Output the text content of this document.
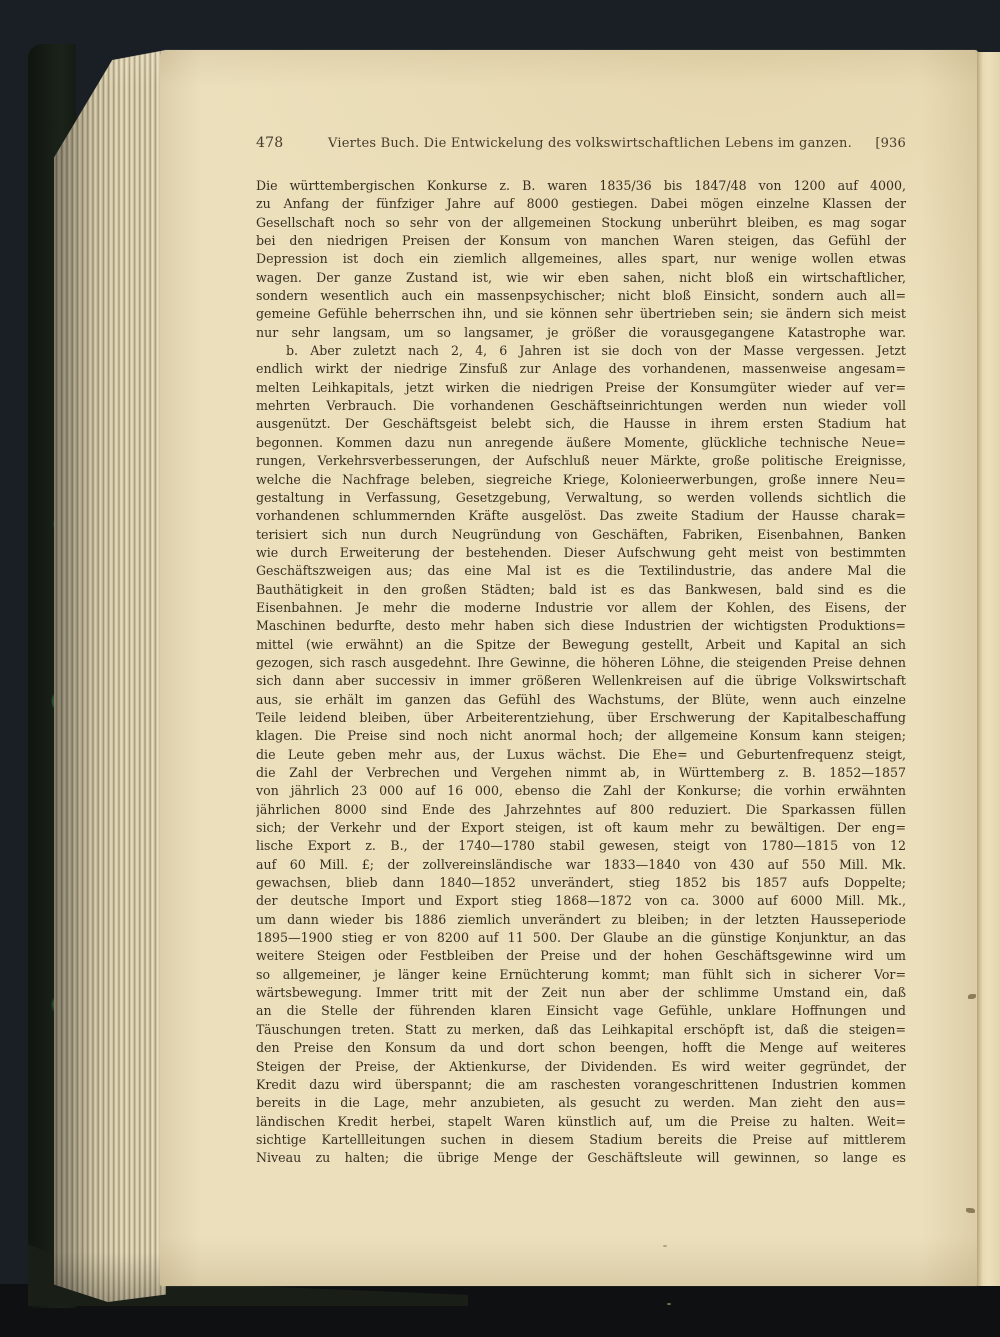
478	Viertes Buch. Die Entwickelung des volkswirtschaftlichen Lebens im ganzen.	[936
Die württembergischen Konkurse z. B. waren 1835/36 bis 1847/48 von 1200 auf 4000,
zu Anfang der fünfziger Jahre auf 8000 gestiegen. Dabei mögen einzelne Klassen der
Gesellschaft noch so sehr von der allgemeinen Stockung unberührt bleiben, es mag sogar
bei den niedrigen Preisen der Konsum von manchen Waren steigen, das Gefühl der
Depression ist doch ein ziemlich allgemeines, alles spart, nur wenige wollen etwas
wagen. Der ganze Zustand ist, wie wir eben sahen, nicht bloß ein wirtschaftlicher,
sondern wesentlich auch ein massenpsychischer; nicht bloß Einsicht, sondern auch all=
gemeine Gefühle beherrschen ihn, und sie können sehr übertrieben sein; sie ändern sich meist
nur sehr langsam, um so langsamer, je größer die vorausgegangene Katastrophe war.
b. Aber zuletzt nach 2, 4, 6 Jahren ist sie doch von der Masse vergessen. Jetzt
endlich wirkt der niedrige Zinsfuß zur Anlage des vorhandenen, massenweise angesam=
melten Leihkapitals, jetzt wirken die niedrigen Preise der Konsumgüter wieder auf ver=
mehrten Verbrauch. Die vorhandenen Geschäftseinrichtungen werden nun wieder voll
ausgenützt. Der Geschäftsgeist belebt sich, die Hausse in ihrem ersten Stadium hat
begonnen. Kommen dazu nun anregende äußere Momente, glückliche technische Neue=
rungen, Verkehrsverbesserungen, der Aufschluß neuer Märkte, große politische Ereignisse,
welche die Nachfrage beleben, siegreiche Kriege, Kolonieerwerbungen, große innere Neu=
gestaltung in Verfassung, Gesetzgebung, Verwaltung, so werden vollends sichtlich die
vorhandenen schlummernden Kräfte ausgelöst. Das zweite Stadium der Hausse charak=
terisiert sich nun durch Neugründung von Geschäften, Fabriken, Eisenbahnen, Banken
wie durch Erweiterung der bestehenden. Dieser Aufschwung geht meist von bestimmten
Geschäftszweigen aus; das eine Mal ist es die Textilindustrie, das andere Mal die
Bauthätigkeit in den großen Städten; bald ist es das Bankwesen, bald sind es die
Eisenbahnen. Je mehr die moderne Industrie vor allem der Kohlen, des Eisens, der
Maschinen bedurfte, desto mehr haben sich diese Industrien der wichtigsten Produktions=
mittel (wie erwähnt) an die Spitze der Bewegung gestellt, Arbeit und Kapital an sich
gezogen, sich rasch ausgedehnt. Ihre Gewinne, die höheren Löhne, die steigenden Preise dehnen
sich dann aber successiv in immer größeren Wellenkreisen auf die übrige Volkswirtschaft
aus, sie erhält im ganzen das Gefühl des Wachstums, der Blüte, wenn auch einzelne
Teile leidend bleiben, über Arbeiterentziehung, über Erschwerung der Kapitalbeschaffung
klagen. Die Preise sind noch nicht anormal hoch; der allgemeine Konsum kann steigen;
die Leute geben mehr aus, der Luxus wächst. Die Ehe= und Geburtenfrequenz steigt,
die Zahl der Verbrechen und Vergehen nimmt ab, in Württemberg z. B. 1852—1857
von jährlich 23 000 auf 16 000, ebenso die Zahl der Konkurse; die vorhin erwähnten
jährlichen 8000 sind Ende des Jahrzehntes auf 800 reduziert. Die Sparkassen füllen
sich; der Verkehr und der Export steigen, ist oft kaum mehr zu bewältigen. Der eng=
lische Export z. B., der 1740—1780 stabil gewesen, steigt von 1780—1815 von 12
auf 60 Mill. £; der zollvereinsländische war 1833—1840 von 430 auf 550 Mill. Mk.
gewachsen, blieb dann 1840—1852 unverändert, stieg 1852 bis 1857 aufs Doppelte;
der deutsche Import und Export stieg 1868—1872 von ca. 3000 auf 6000 Mill. Mk.,
um dann wieder bis 1886 ziemlich unverändert zu bleiben; in der letzten Hausseperiode
1895—1900 stieg er von 8200 auf 11 500. Der Glaube an die günstige Konjunktur, an das
weitere Steigen oder Festbleiben der Preise und der hohen Geschäftsgewinne wird um
so allgemeiner, je länger keine Ernüchterung kommt; man fühlt sich in sicherer Vor=
wärtsbewegung. Immer tritt mit der Zeit nun aber der schlimme Umstand ein, daß
an die Stelle der führenden klaren Einsicht vage Gefühle, unklare Hoffnungen und
Täuschungen treten. Statt zu merken, daß das Leihkapital erschöpft ist, daß die steigen=
den Preise den Konsum da und dort schon beengen, hofft die Menge auf weiteres
Steigen der Preise, der Aktienkurse, der Dividenden. Es wird weiter gegründet, der
Kredit dazu wird überspannt; die am raschesten vorangeschrittenen Industrien kommen
bereits in die Lage, mehr anzubieten, als gesucht zu werden. Man zieht den aus=
ländischen Kredit herbei, stapelt Waren künstlich auf, um die Preise zu halten. Weit=
sichtige Kartellleitungen suchen in diesem Stadium bereits die Preise auf mittlerem
Niveau zu halten; die übrige Menge der Geschäftsleute will gewinnen, so lange es
